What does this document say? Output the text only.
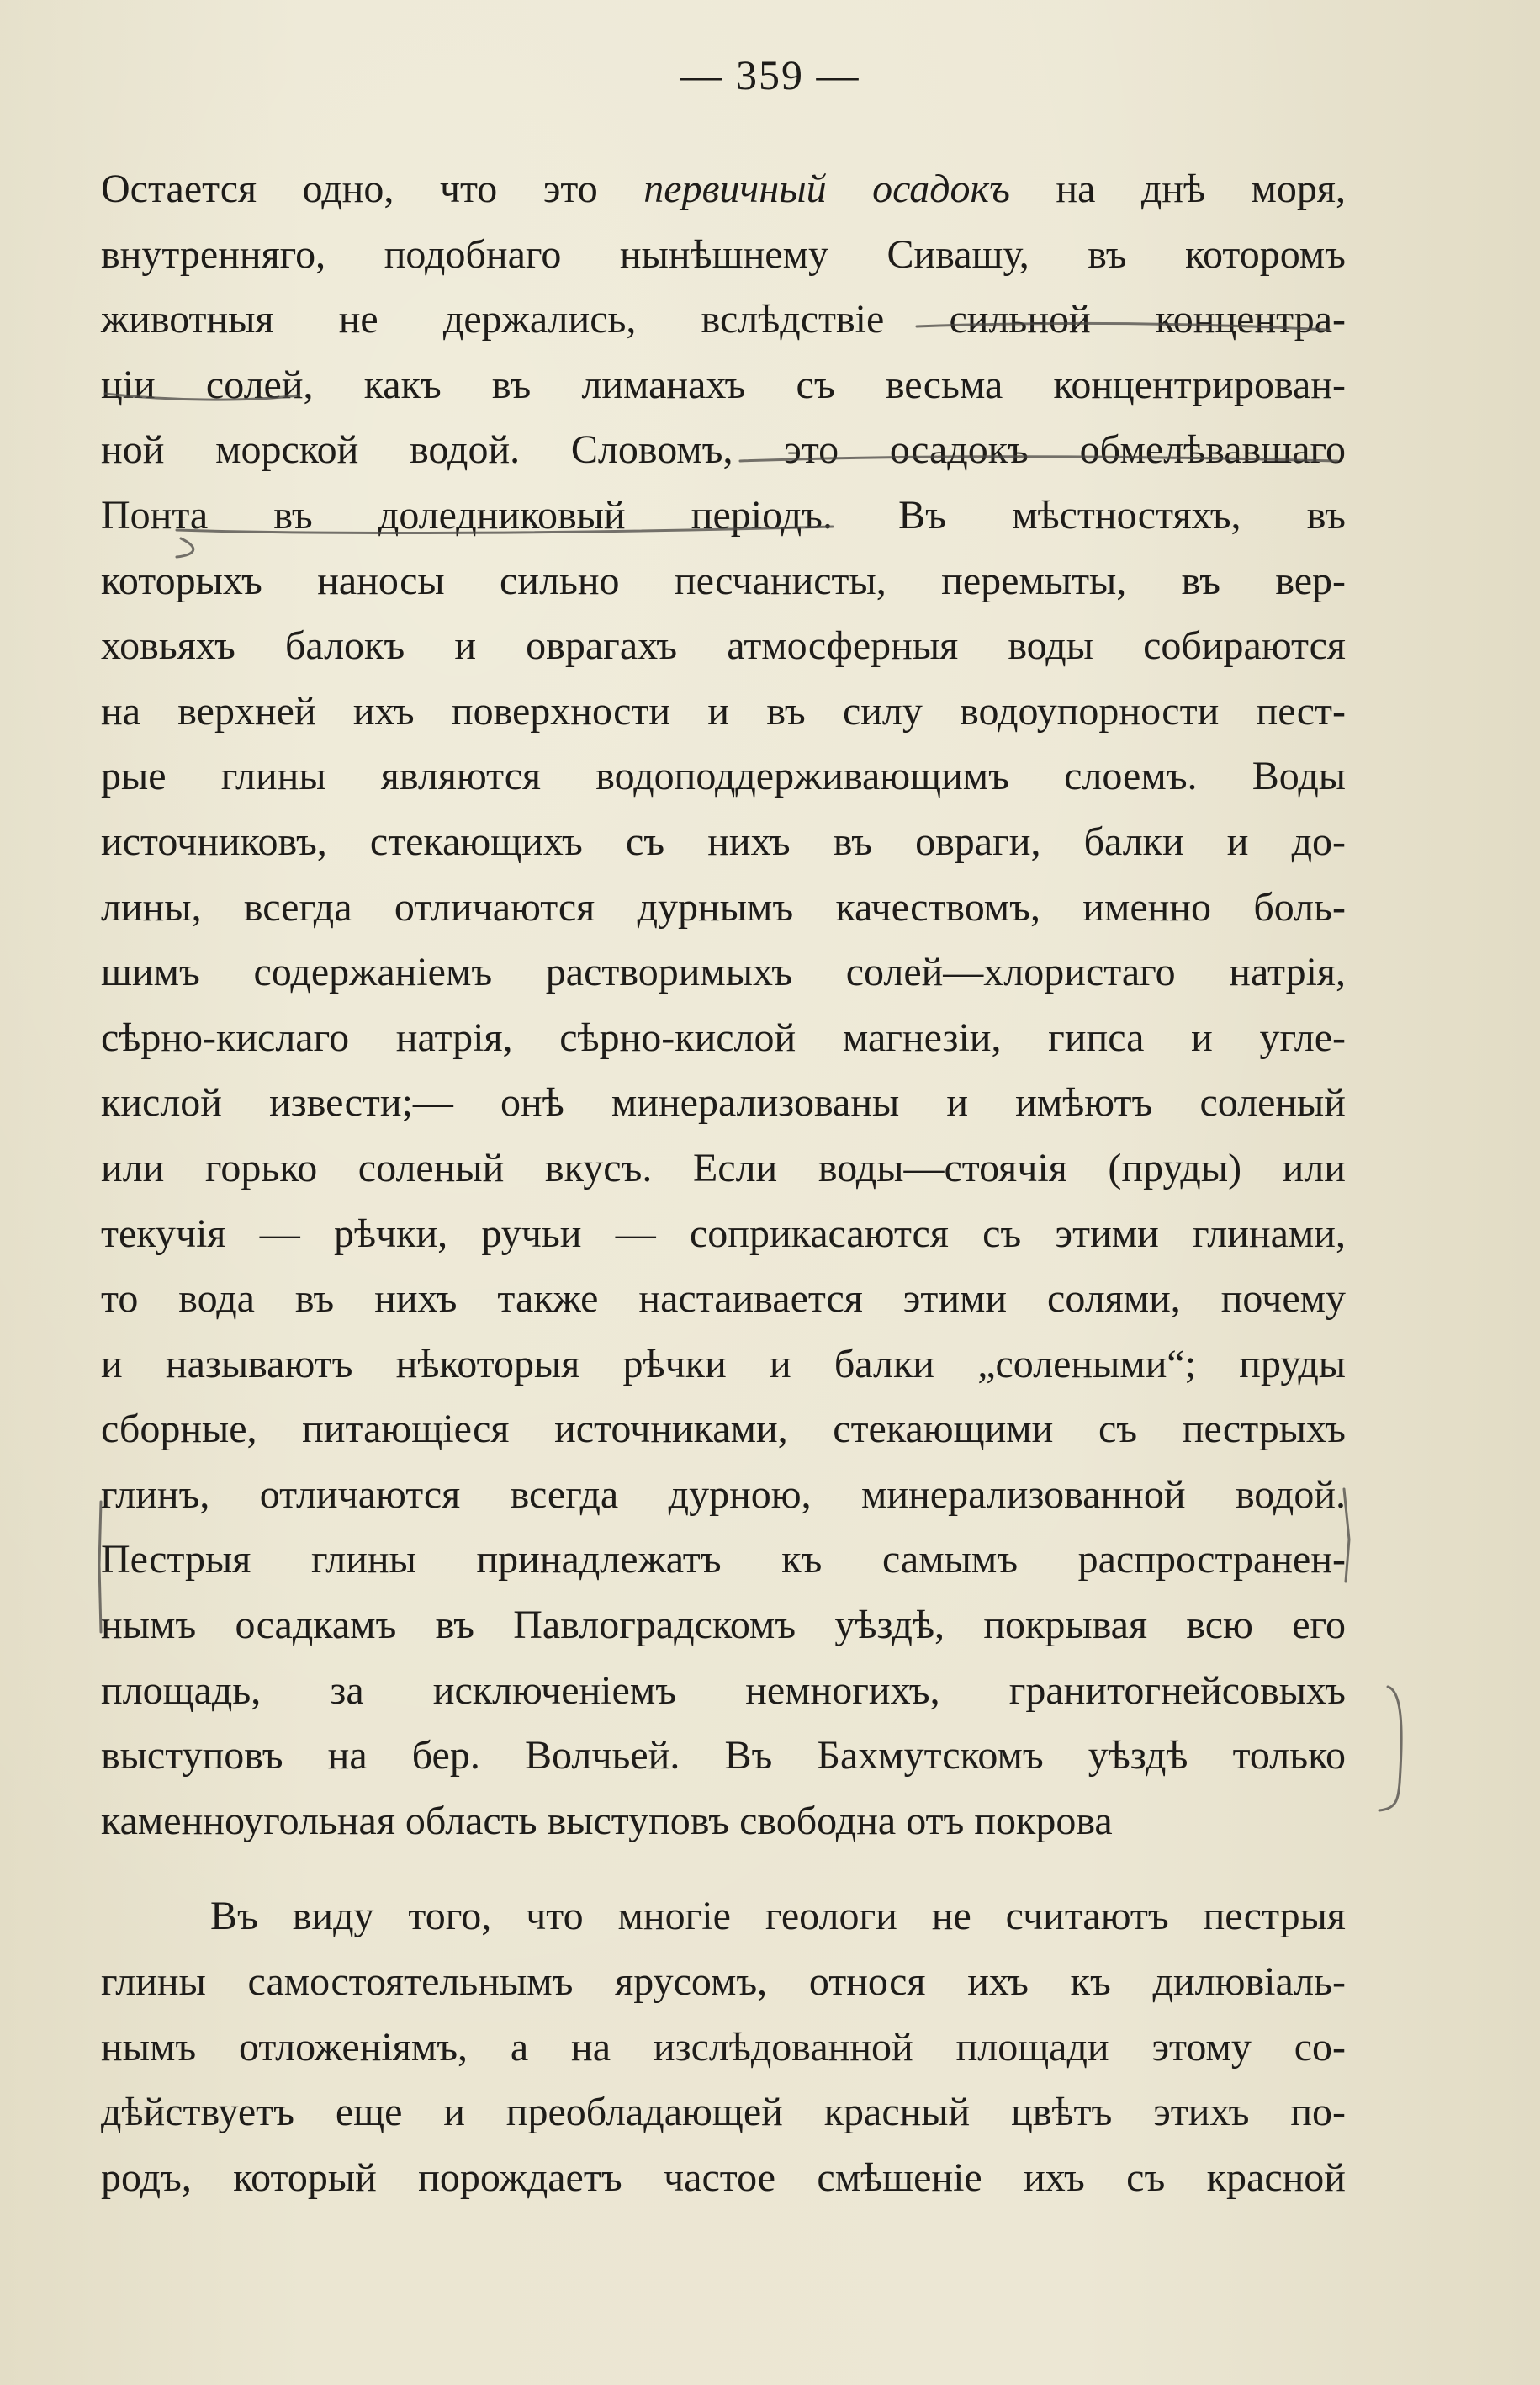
— 359 —
Остается одно, что это первичный осадокъ на днѣ моря,
внутренняго, подобнаго нынѣшнему Сивашу, въ которомъ
животныя не держались, вслѣдствіе сильной концентра-
ціи солей, какъ въ лиманахъ съ весьма концентрирован-
ной морской водой. Словомъ, это осадокъ обмелѣвавшаго
Понта въ доледниковый періодъ. Въ мѣстностяхъ, въ
которыхъ наносы сильно песчанисты, перемыты, въ вер-
ховьяхъ балокъ и оврагахъ атмосферныя воды собираются
на верхней ихъ поверхности и въ силу водоупорности пест-
рые глины являются водоподдерживающимъ слоемъ. Воды
источниковъ, стекающихъ съ нихъ въ овраги, балки и до-
лины, всегда отличаются дурнымъ качествомъ, именно боль-
шимъ содержаніемъ растворимыхъ солей—хлористаго натрія,
сѣрно-кислаго натрія, сѣрно-кислой магнезіи, гипса и угле-
кислой извести;— онѣ минерализованы и имѣютъ соленый
или горько соленый вкусъ. Если воды—стоячія (пруды) или
текучія — рѣчки, ручьи — соприкасаются съ этими глинами,
то вода въ нихъ также настаивается этими солями, почему
и называютъ нѣкоторыя рѣчки и балки „солеными“; пруды
сборные, питающіеся источниками, стекающими съ пестрыхъ
глинъ, отличаются всегда дурною, минерализованной водой.
Пестрыя глины принадлежатъ къ самымъ распространен-
нымъ осадкамъ въ Павлоградскомъ уѣздѣ, покрывая всю его
площадь, за исключеніемъ немногихъ, гранитогнейсовыхъ
выступовъ на бер. Волчьей. Въ Бахмутскомъ уѣздѣ только
каменноугольная область выступовъ свободна отъ покрова
Въ виду того, что многіе геологи не считаютъ пестрыя
глины самостоятельнымъ ярусомъ, относя ихъ къ дилювіаль-
нымъ отложеніямъ, а на изслѣдованной площади этому со-
дѣйствуетъ еще и преобладающей красный цвѣтъ этихъ по-
родъ, который порождаетъ частое смѣшеніе ихъ съ красной
